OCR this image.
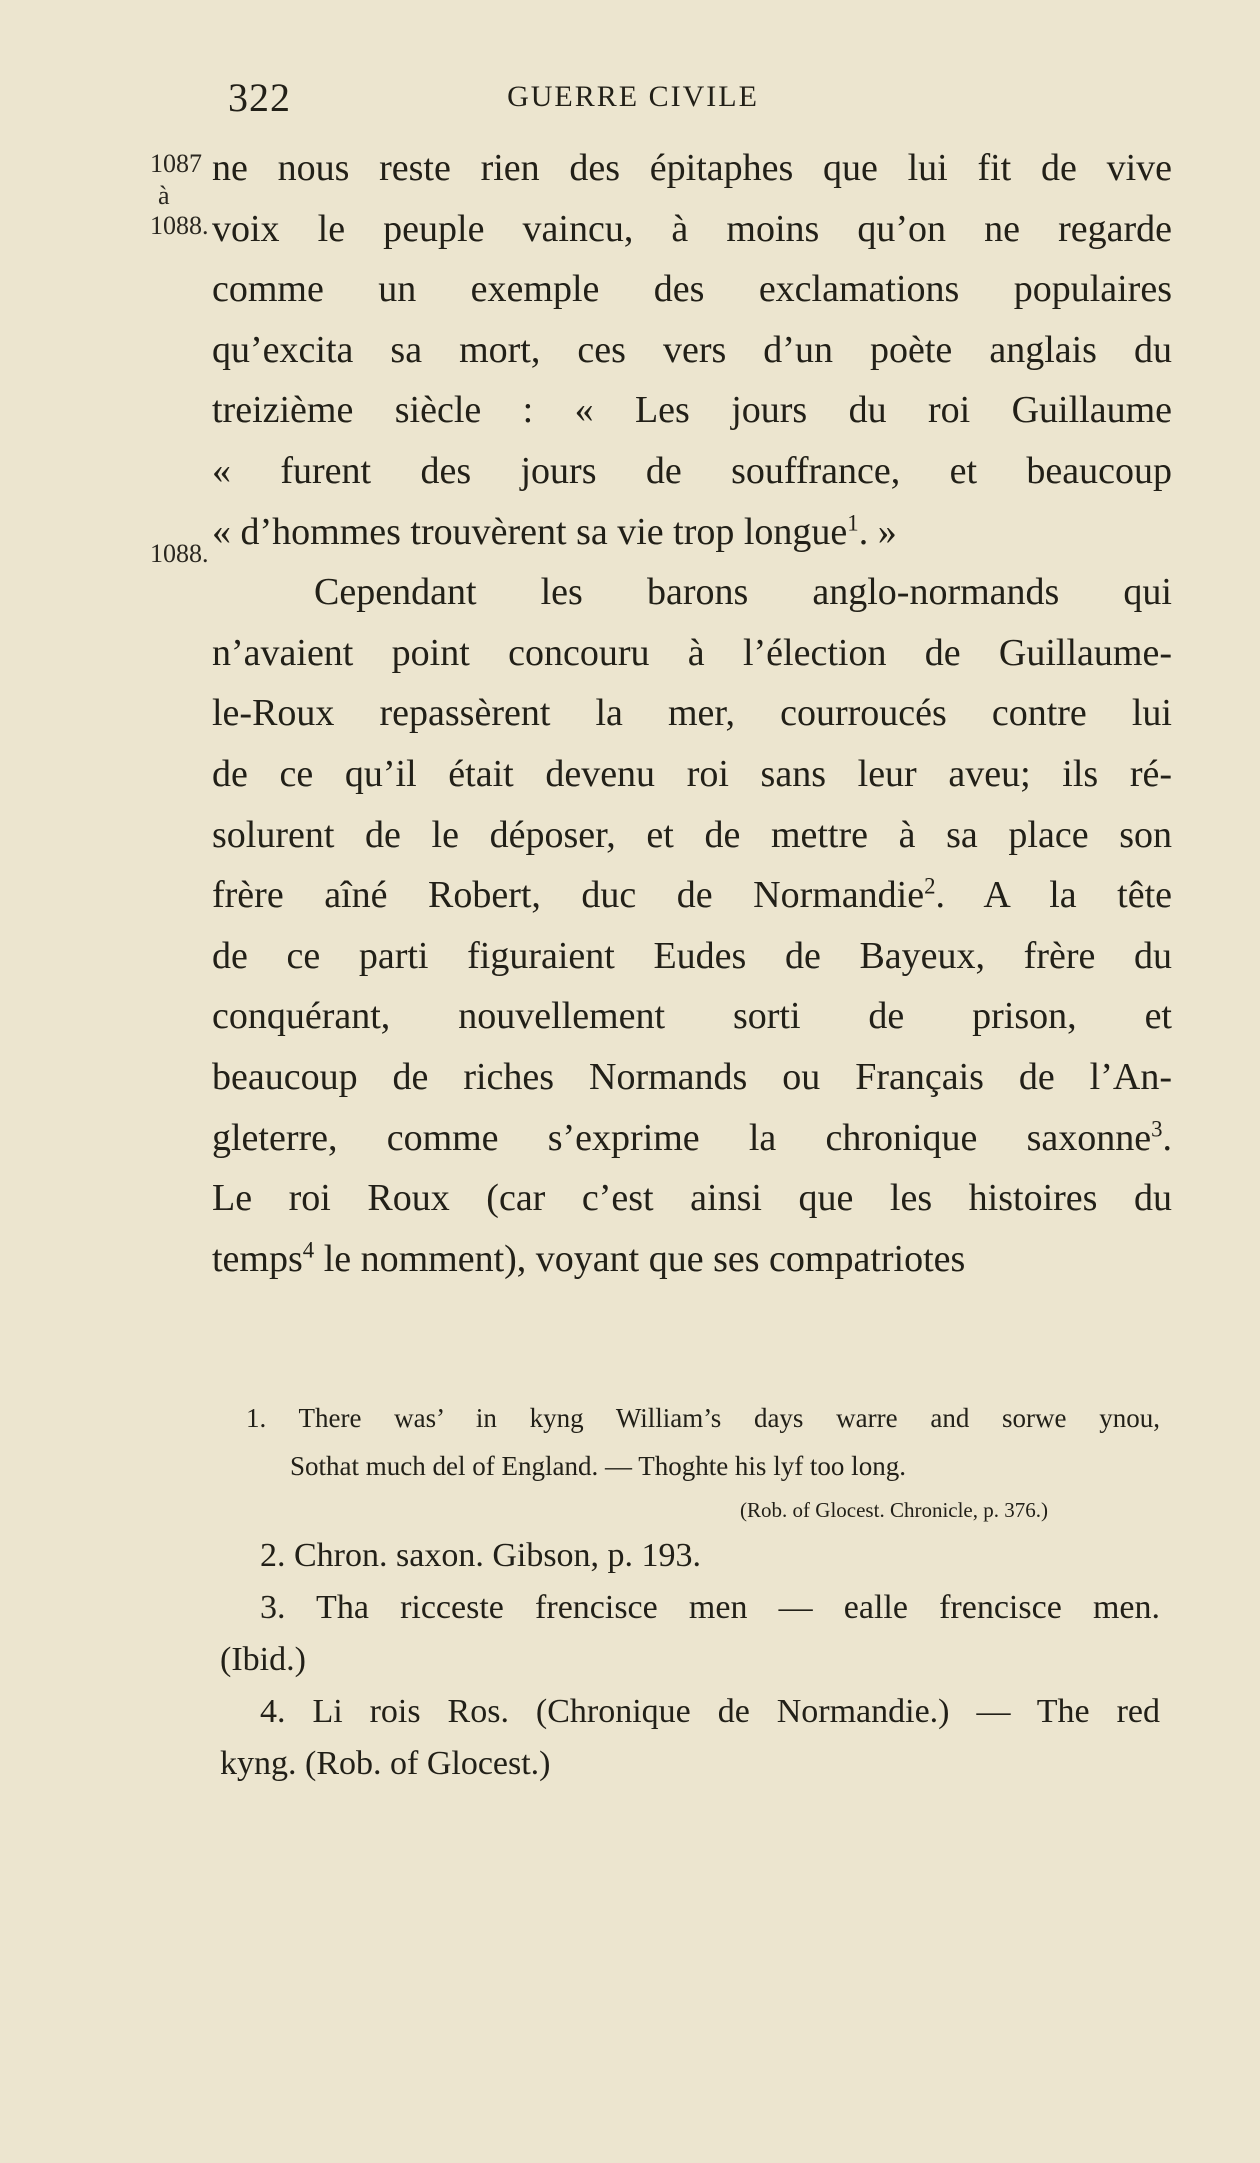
322	GUERRE CIVILE
1087
à
1088.
1088.
ne nous reste rien des épitaphes que lui fit de vive
voix le peuple vaincu, à moins qu’on ne regarde
comme un exemple des exclamations populaires
qu’excita sa mort, ces vers d’un poète anglais du
treizième siècle : « Les jours du roi Guillaume
« furent des jours de souffrance, et beaucoup
« d’hommes trouvèrent sa vie trop longue$^1$. »
Cependant les barons anglo-normands qui
n’avaient point concouru à l’élection de Guillaume-
le-Roux repassèrent la mer, courroucés contre lui
de ce qu’il était devenu roi sans leur aveu; ils ré-
solurent de le déposer, et de mettre à sa place son
frère aîné Robert, duc de Normandie$^2$. A la tête
de ce parti figuraient Eudes de Bayeux, frère du
conquérant, nouvellement sorti de prison, et
beaucoup de riches Normands ou Français de l’An-
gleterre, comme s’exprime la chronique saxonne$^3$.
Le roi Roux (car c’est ainsi que les histoires du
temps$^4$ le nomment), voyant que ses compatriotes
1. There was’ in kyng William’s days warre and sorwe ynou,
Sothat much del of England. — Thoghte his lyf too long.
(Rob. of Glocest. Chronicle, p. 376.)
2. Chron. saxon. Gibson, p. 193.
3. Tha ricceste frencisce men — ealle frencisce men.
(Ibid.)
4. Li rois Ros. (Chronique de Normandie.) — The red
kyng. (Rob. of Glocest.)
